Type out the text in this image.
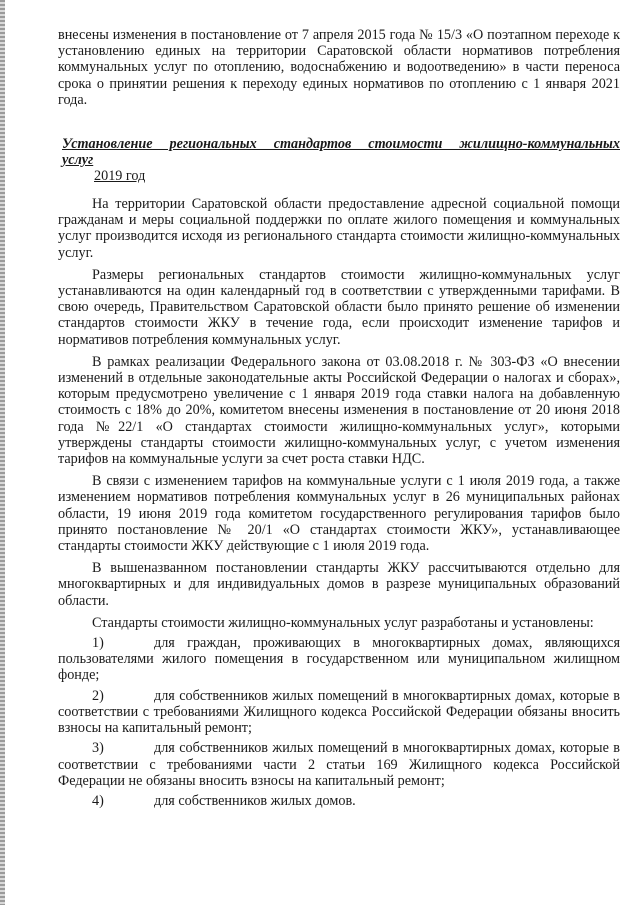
внесены изменения в постановление от 7 апреля 2015 года № 15/3 «О поэтапном переходе к установлению единых на территории Саратовской области нормативов потребления коммунальных услуг по отоплению, водоснабжению и водоотведению» в части переноса срока о принятии решения к переходу единых нормативов по отоплению с 1 января 2021 года.

Установление региональных стандартов стоимости жилищно-коммунальных услуг
2019 год

На территории Саратовской области предоставление адресной социальной помощи гражданам и меры социальной поддержки по оплате жилого помещения и коммунальных услуг производится исходя из регионального стандарта стоимости жилищно-коммунальных услуг.

Размеры региональных стандартов стоимости жилищно-коммунальных услуг устанавливаются на один календарный год в соответствии с утвержденными тарифами. В свою очередь, Правительством Саратовской области было принято решение об изменении стандартов стоимости ЖКУ в течение года, если происходит изменение тарифов и нормативов потребления коммунальных услуг.

В рамках реализации Федерального закона от 03.08.2018 г. № 303-ФЗ «О внесении изменений в отдельные законодательные акты Российской Федерации о налогах и сборах», которым предусмотрено увеличение с 1 января 2019 года ставки налога на добавленную стоимость с 18% до 20%, комитетом внесены изменения в постановление от 20 июня 2018 года №22/1 «О стандартах стоимости жилищно-коммунальных услуг», которыми утверждены стандарты стоимости жилищно-коммунальных услуг, с учетом изменения тарифов на коммунальные услуги за счет роста ставки НДС.

В связи с изменением тарифов на коммунальные услуги с 1 июля 2019 года, а также изменением нормативов потребления коммунальных услуг в 26 муниципальных районах области, 19 июня 2019 года комитетом государственного регулирования тарифов было принято постановление № 20/1 «О стандартах стоимости ЖКУ», устанавливающее стандарты стоимости ЖКУ действующие с 1 июля 2019 года.

В вышеназванном постановлении стандарты ЖКУ рассчитываются отдельно для многоквартирных и для индивидуальных домов в разрезе муниципальных образований области.

Стандарты стоимости жилищно-коммунальных услуг разработаны и установлены:

1)	для граждан, проживающих в многоквартирных домах, являющихся пользователями жилого помещения в государственном или муниципальном жилищном фонде;

2)	для собственников жилых помещений в многоквартирных домах, которые в соответствии с требованиями Жилищного кодекса Российской Федерации обязаны вносить взносы на капитальный ремонт;

3)	для собственников жилых помещений в многоквартирных домах, которые в соответствии с требованиями части 2 статьи 169 Жилищного кодекса Российской Федерации не обязаны вносить взносы на капитальный ремонт;

4)	для собственников жилых домов.
